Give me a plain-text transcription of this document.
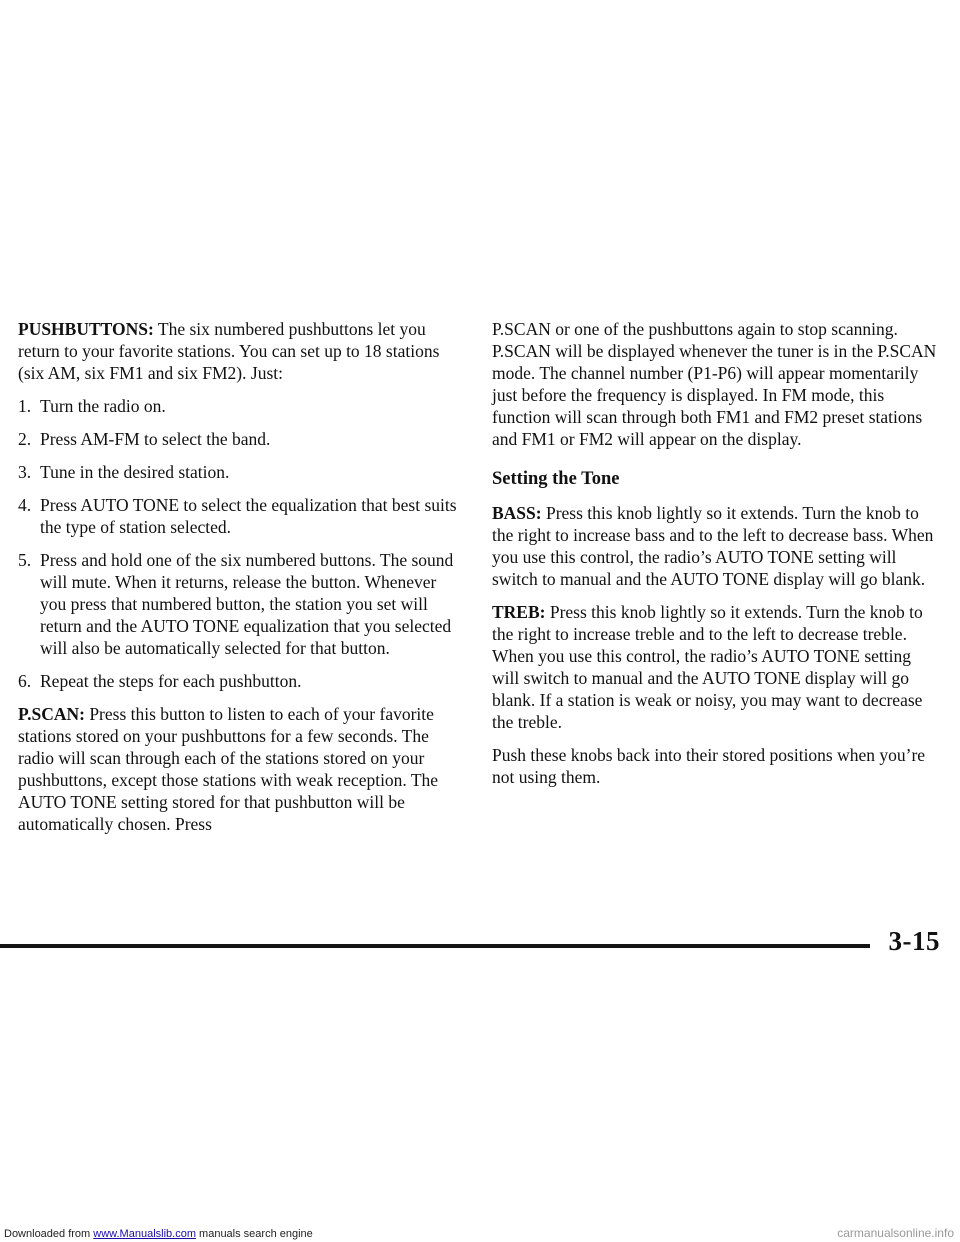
PUSHBUTTONS: The six numbered pushbuttons let you return to your favorite stations. You can set up to 18 stations (six AM, six FM1 and six FM2). Just:

1. Turn the radio on.
2. Press AM-FM to select the band.
3. Tune in the desired station.
4. Press AUTO TONE to select the equalization that best suits the type of station selected.
5. Press and hold one of the six numbered buttons. The sound will mute. When it returns, release the button. Whenever you press that numbered button, the station you set will return and the AUTO TONE equalization that you selected will also be automatically selected for that button.
6. Repeat the steps for each pushbutton.

P.SCAN: Press this button to listen to each of your favorite stations stored on your pushbuttons for a few seconds. The radio will scan through each of the stations stored on your pushbuttons, except those stations with weak reception. The AUTO TONE setting stored for that pushbutton will be automatically chosen. Press

P.SCAN or one of the pushbuttons again to stop scanning. P.SCAN will be displayed whenever the tuner is in the P.SCAN mode. The channel number (P1-P6) will appear momentarily just before the frequency is displayed. In FM mode, this function will scan through both FM1 and FM2 preset stations and FM1 or FM2 will appear on the display.

Setting the Tone

BASS: Press this knob lightly so it extends. Turn the knob to the right to increase bass and to the left to decrease bass. When you use this control, the radio’s AUTO TONE setting will switch to manual and the AUTO TONE display will go blank.

TREB: Press this knob lightly so it extends. Turn the knob to the right to increase treble and to the left to decrease treble. When you use this control, the radio’s AUTO TONE setting will switch to manual and the AUTO TONE display will go blank. If a station is weak or noisy, you may want to decrease the treble.

Push these knobs back into their stored positions when you’re not using them.

3-15
Downloaded from www.Manualslib.com manuals search engine	carmanualsonline.info
